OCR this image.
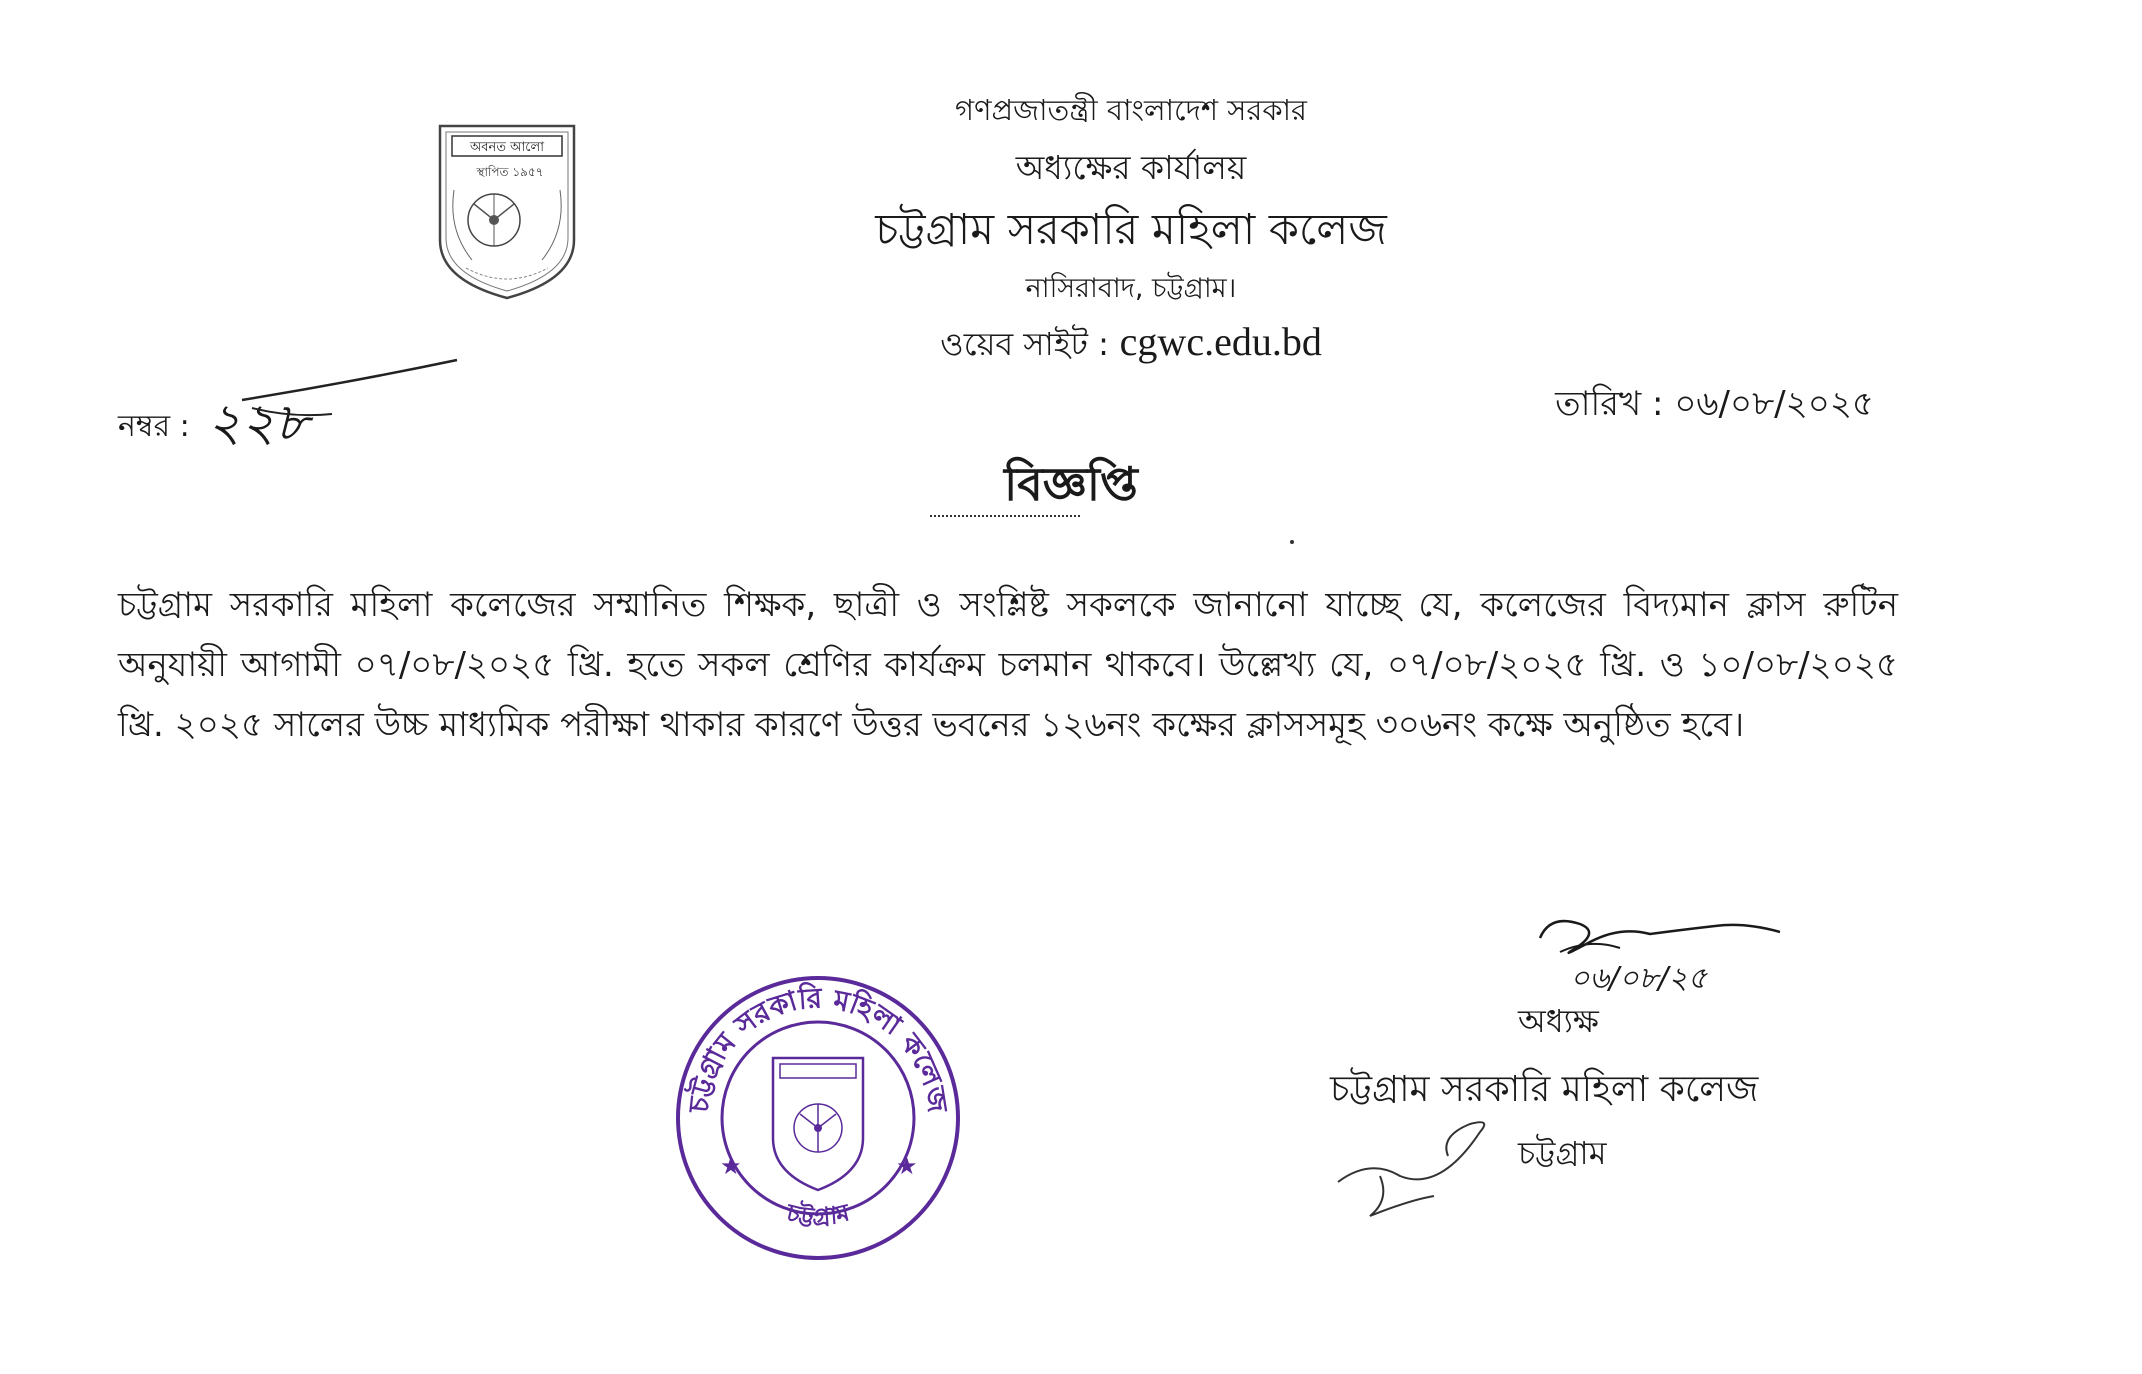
অবনত আলো
স্থাপিত ১৯৫৭
গণপ্রজাতন্ত্রী বাংলাদেশ সরকার
অধ্যক্ষের কার্যালয়
চট্টগ্রাম সরকারি মহিলা কলেজ
নাসিরাবাদ, চট্টগ্রাম।
ওয়েব সাইট : cgwc.edu.bd
নম্বর : ২২৮	তারিখ : ০৬/০৮/২০২৫
বিজ্ঞপ্তি
চট্টগ্রাম সরকারি মহিলা কলেজের সম্মানিত শিক্ষক, ছাত্রী ও সংশ্লিষ্ট সকলকে জানানো যাচ্ছে যে, কলেজের বিদ্যমান ক্লাস রুটিন অনুযায়ী আগামী ০৭/০৮/২০২৫ খ্রি. হতে সকল শ্রেণির কার্যক্রম চলমান থাকবে। উল্লেখ্য যে, ০৭/০৮/২০২৫ খ্রি. ও ১০/০৮/২০২৫ খ্রি. ২০২৫ সালের উচ্চ মাধ্যমিক পরীক্ষা থাকার কারণে উত্তর ভবনের ১২৬নং কক্ষের ক্লাসসমূহ ৩০৬নং কক্ষে অনুষ্ঠিত হবে।
০৬/০৮/২৫
অধ্যক্ষ
চট্টগ্রাম সরকারি মহিলা কলেজ
চট্টগ্রাম
চট্টগ্রাম সরকারি মহিলা কলেজ
চট্টগ্রাম
★	★
